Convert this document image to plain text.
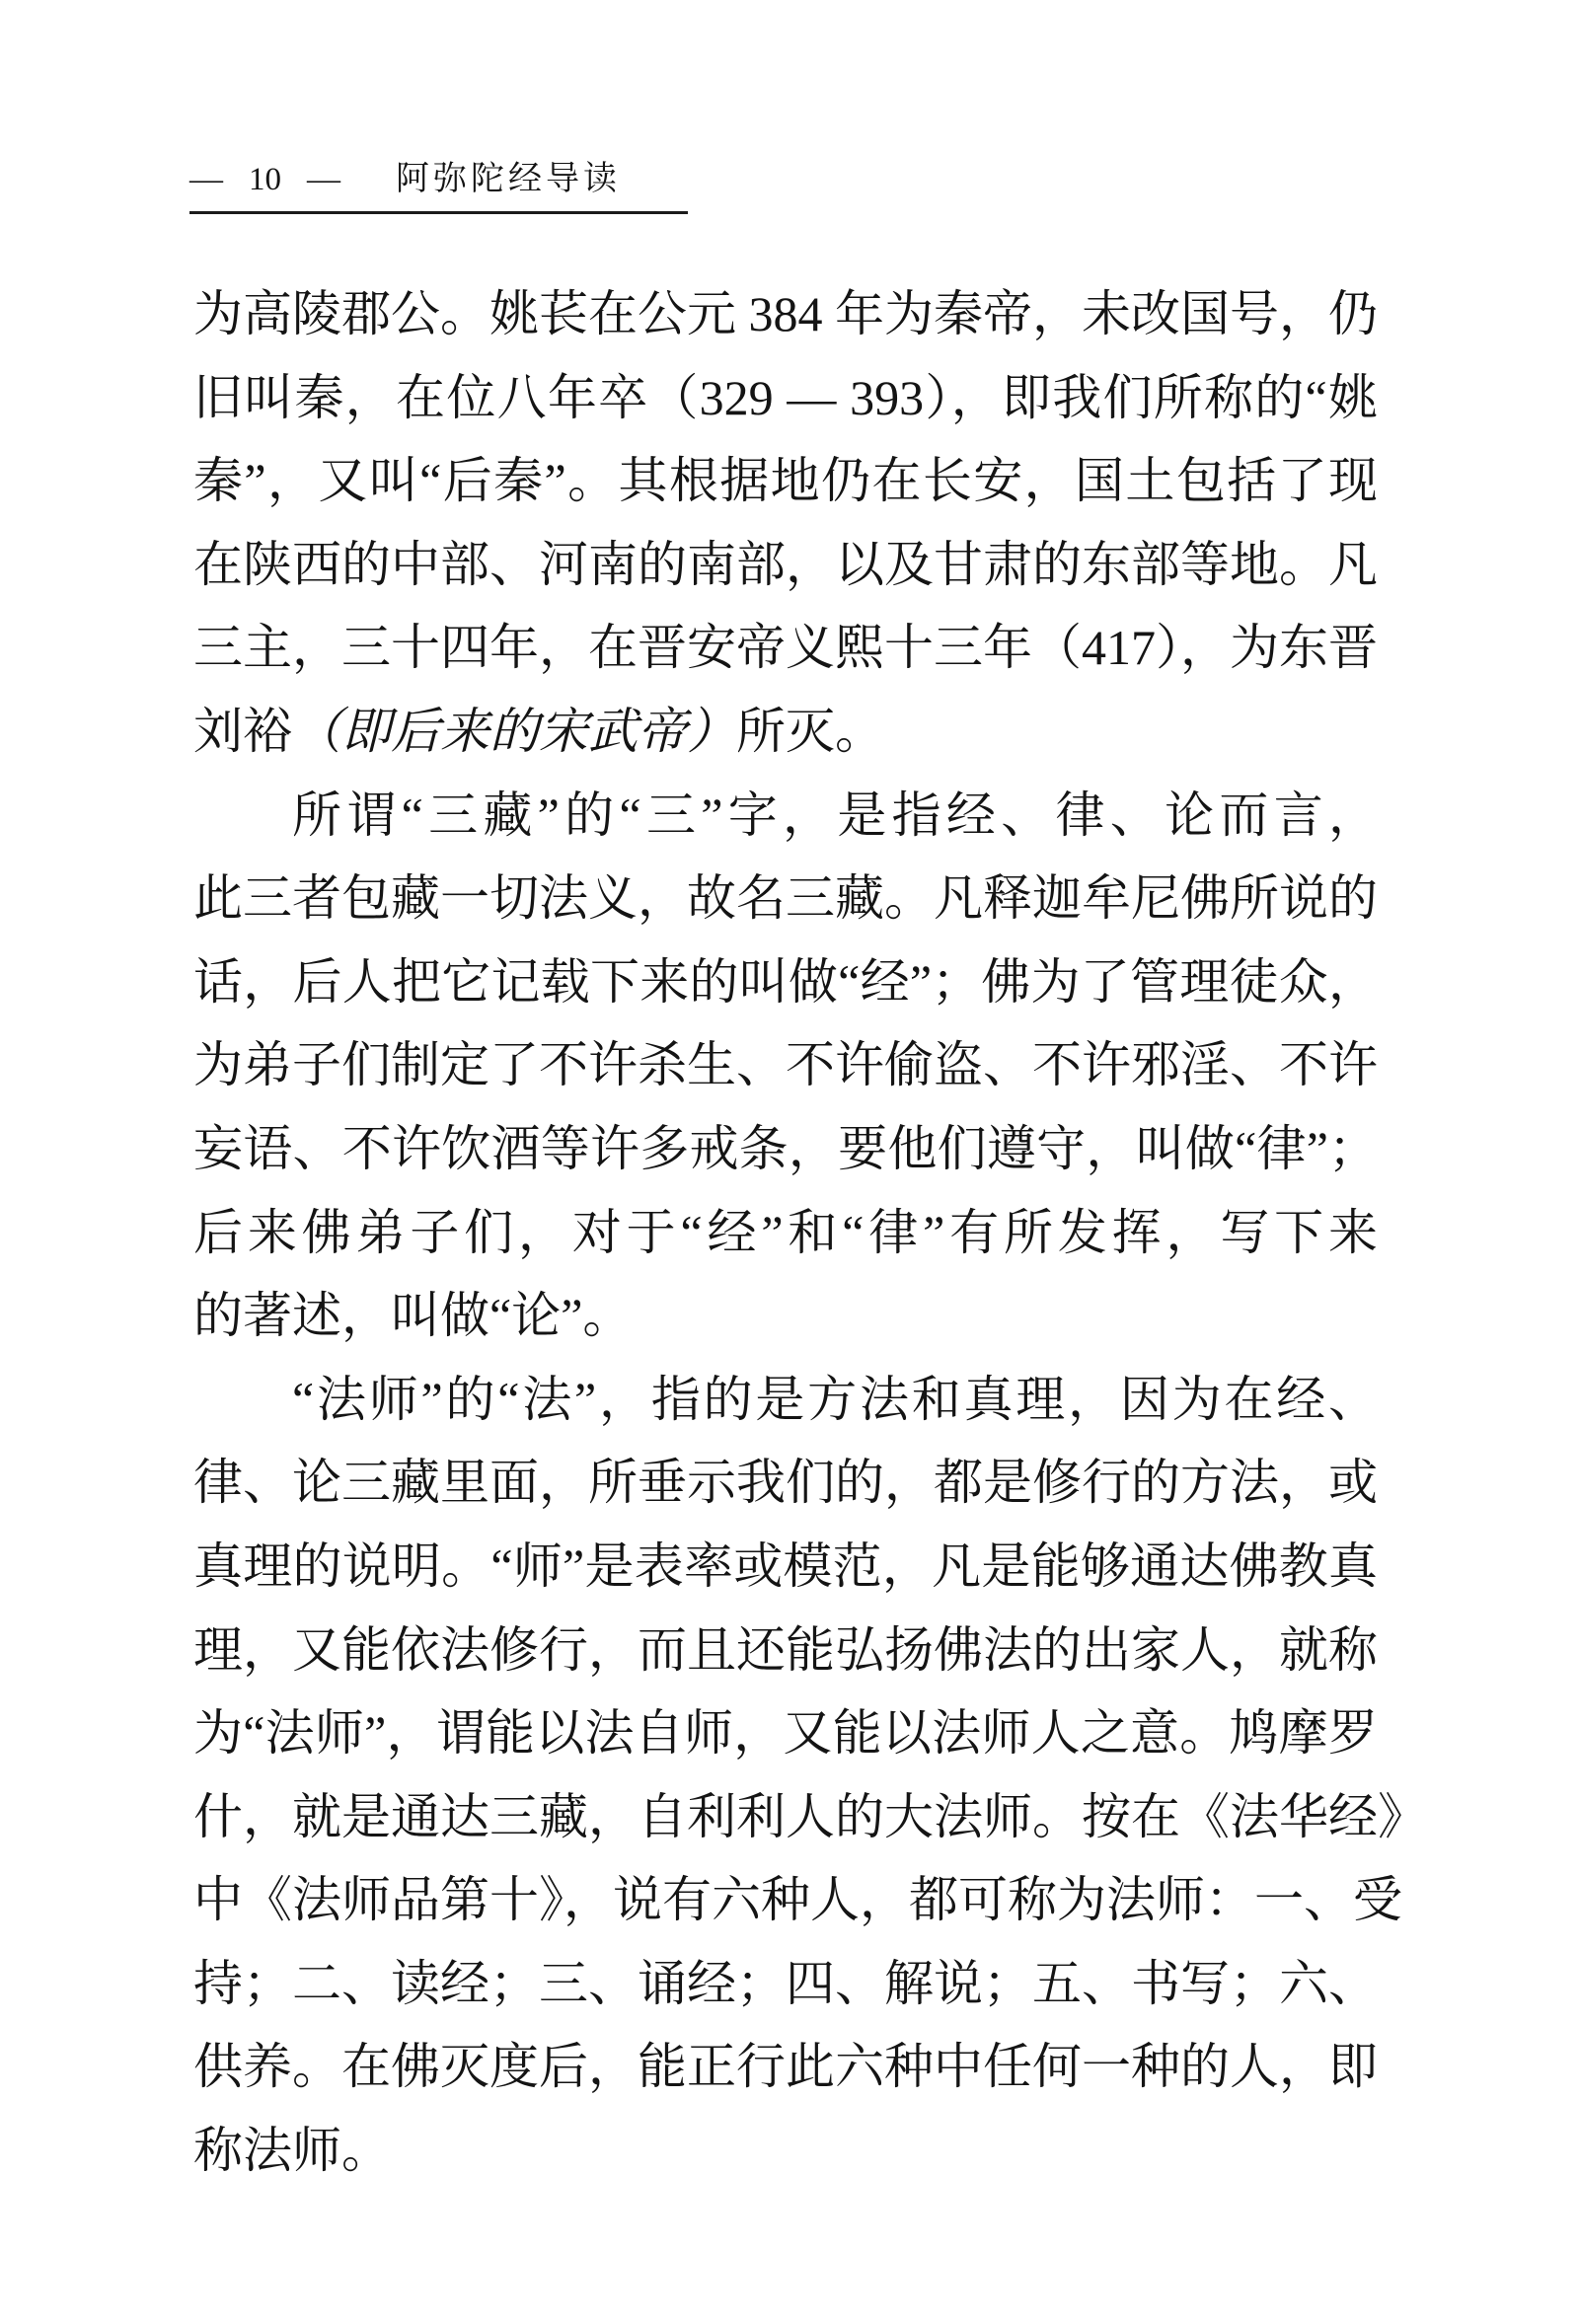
— 10 — 阿弥陀经导读
为高陵郡公。姚苌在公元 384 年为秦帝，未改国号，仍
旧叫秦，在位八年卒（329 — 393），即我们所称的“姚
秦”，又叫“后秦”。其根据地仍在长安，国土包括了现
在陕西的中部、河南的南部，以及甘肃的东部等地。凡
三主，三十四年，在晋安帝义熙十三年（417），为东晋
刘裕（即后来的宋武帝）所灭。
所谓“三藏”的“三”字，是指经、律、论而言，
此三者包藏一切法义，故名三藏。凡释迦牟尼佛所说的
话，后人把它记载下来的叫做“经”；佛为了管理徒众，
为弟子们制定了不许杀生、不许偷盗、不许邪淫、不许
妄语、不许饮酒等许多戒条，要他们遵守，叫做“律”；
后来佛弟子们，对于“经”和“律”有所发挥，写下来
的著述，叫做“论”。
“法师”的“法”，指的是方法和真理，因为在经、
律、论三藏里面，所垂示我们的，都是修行的方法，或
真理的说明。“师”是表率或模范，凡是能够通达佛教真
理，又能依法修行，而且还能弘扬佛法的出家人，就称
为“法师”，谓能以法自师，又能以法师人之意。鸠摩罗
什，就是通达三藏，自利利人的大法师。按在《法华经》
中《法师品第十》，说有六种人，都可称为法师：一、受
持；二、读经；三、诵经；四、解说；五、书写；六、
供养。在佛灭度后，能正行此六种中任何一种的人，即
称法师。
